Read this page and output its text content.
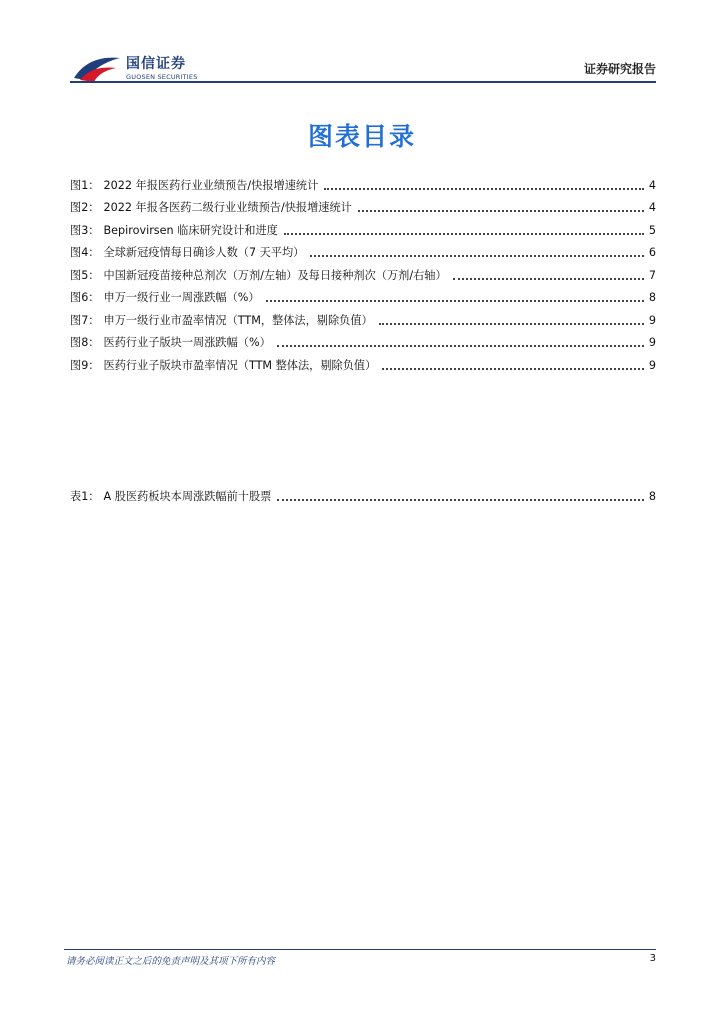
国信证券
GUOSEN SECURITIES
证券研究报告
图表目录
图1： 2022 年报医药行业业绩预告/快报增速统计	4
图2： 2022 年报各医药二级行业业绩预告/快报增速统计	4
图3： Bepirovirsen 临床研究设计和进度	5
图4： 全球新冠疫情每日确诊人数（7 天平均）	6
图5： 中国新冠疫苗接种总剂次（万剂/左轴）及每日接种剂次（万剂/右轴）	7
图6： 申万一级行业一周涨跌幅（%）	8
图7： 申万一级行业市盈率情况（TTM，整体法，剔除负值）	9
图8： 医药行业子版块一周涨跌幅（%）	9
图9： 医药行业子版块市盈率情况（TTM 整体法，剔除负值）	9
表1： A 股医药板块本周涨跌幅前十股票	8
请务必阅读正文之后的免责声明及其项下所有内容	3
